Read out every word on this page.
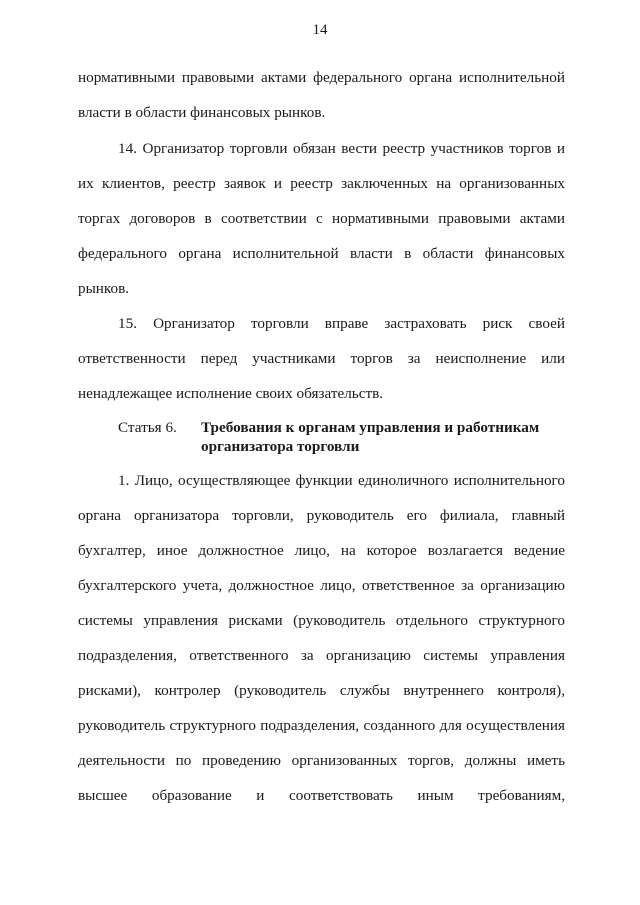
14
нормативными правовыми актами федерального органа исполнительной
власти в области финансовых рынков.
14. Организатор торговли обязан вести реестр участников торгов и
их клиентов, реестр заявок и реестр заключенных на организованных
торгах договоров в соответствии с нормативными правовыми актами
федерального органа исполнительной власти в области финансовых
рынков.
15. Организатор торговли вправе застраховать риск своей
ответственности перед участниками торгов за неисполнение или
ненадлежащее исполнение своих обязательств.
Статья 6. Требования к органам управления и работникам организатора торговли
1. Лицо, осуществляющее функции единоличного исполнительного
органа организатора торговли, руководитель его филиала, главный
бухгалтер, иное должностное лицо, на которое возлагается ведение
бухгалтерского учета, должностное лицо, ответственное за организацию
системы управления рисками (руководитель отдельного структурного
подразделения, ответственного за организацию системы управления
рисками), контролер (руководитель службы внутреннего контроля),
руководитель структурного подразделения, созданного для осуществления
деятельности по проведению организованных торгов, должны иметь
высшее образование и соответствовать иным требованиям,
